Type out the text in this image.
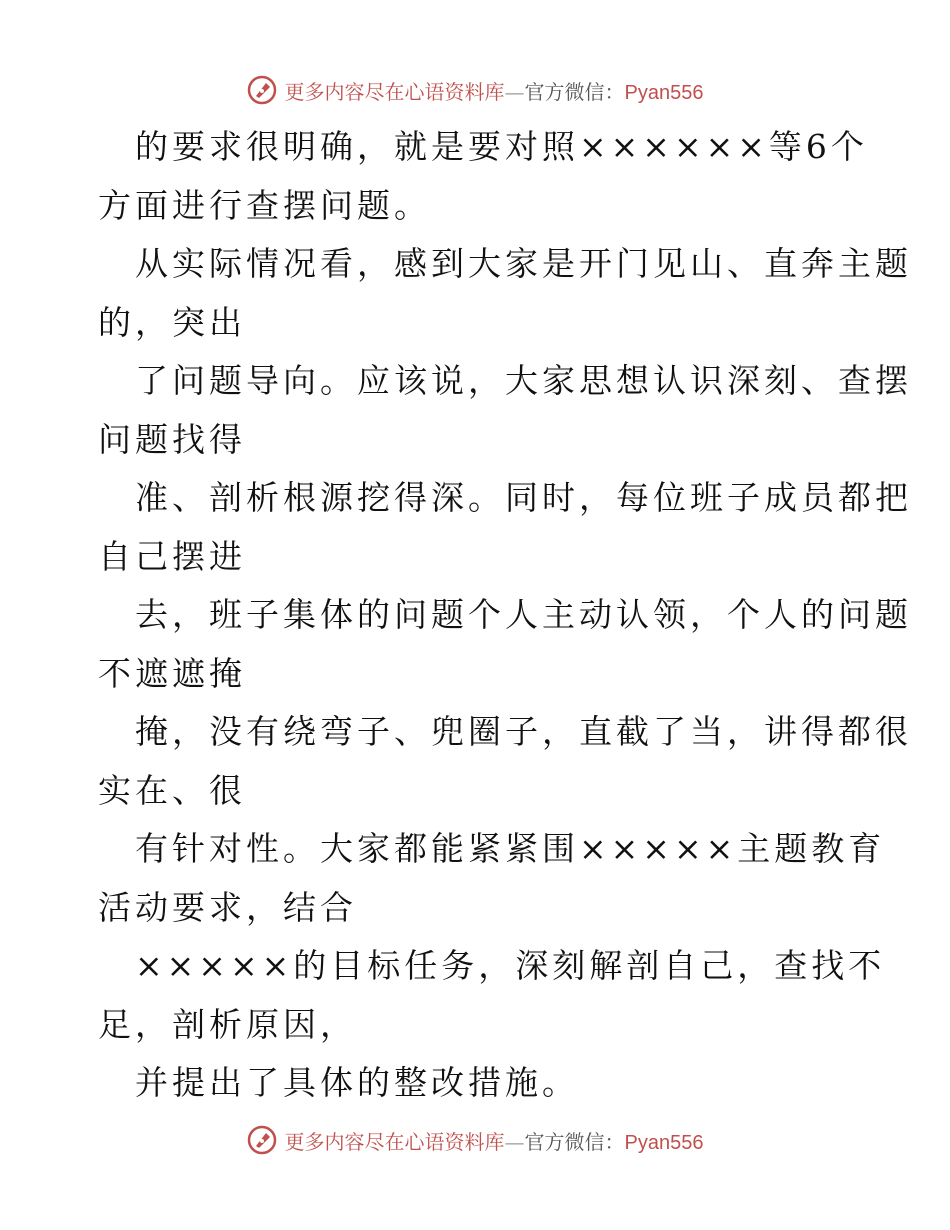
更多内容尽在心语资料库—官方微信：Pyan556
的要求很明确，就是要对照××××××等6个
方面进行查摆问题。
从实际情况看，感到大家是开门见山、直奔主题
的，突出
了问题导向。应该说，大家思想认识深刻、查摆
问题找得
准、剖析根源挖得深。同时，每位班子成员都把
自己摆进
去，班子集体的问题个人主动认领，个人的问题
不遮遮掩
掩，没有绕弯子、兜圈子，直截了当，讲得都很
实在、很
有针对性。大家都能紧紧围×××××主题教育
活动要求，结合
×××××的目标任务，深刻解剖自己，查找不
足，剖析原因，
并提出了具体的整改措施。
更多内容尽在心语资料库—官方微信：Pyan556
